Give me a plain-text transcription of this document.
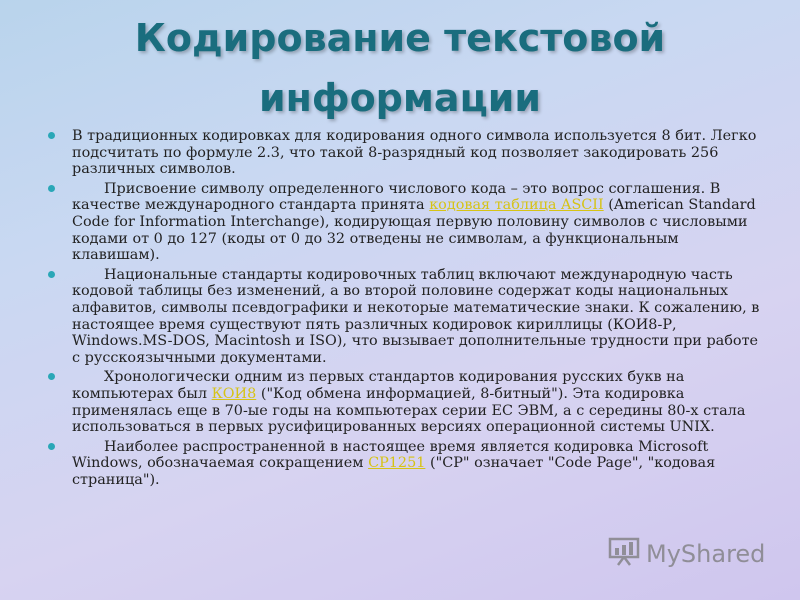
Кодирование текстовой
информации
В традиционных кодировках для кодирования одного символа используется 8 бит. Легко подсчитать по формуле 2.3, что такой 8-разрядный код позволяет закодировать 256 различных символов.
Присвоение символу определенного числового кода – это вопрос соглашения. В качестве международного стандарта принята кодовая таблица ASCII (American Standard Code for Information Interchange), кодирующая первую половину символов с числовыми кодами от 0 до 127 (коды от 0 до 32 отведены не символам, а функциональным клавишам).
Национальные стандарты кодировочных таблиц включают международную часть кодовой таблицы без изменений, а во второй половине содержат коды национальных алфавитов, символы псевдографики и некоторые математические знаки. К сожалению, в настоящее время существуют пять различных кодировок кириллицы (КОИ8-Р, Windows.MS-DOS, Macintosh и ISO), что вызывает дополнительные трудности при работе с русскоязычными документами.
Хронологически одним из первых стандартов кодирования русских букв на компьютерах был КОИ8 ("Код обмена информацией, 8-битный"). Эта кодировка применялась еще в 70-ые годы на компьютерах серии ЕС ЭВМ, а с середины 80-х стала использоваться в первых русифицированных версиях операционной системы UNIX.
Наиболее распространенной в настоящее время является кодировка Microsoft Windows, обозначаемая сокращением CP1251 ("CP" означает "Code Page", "кодовая страница").
MyShared
